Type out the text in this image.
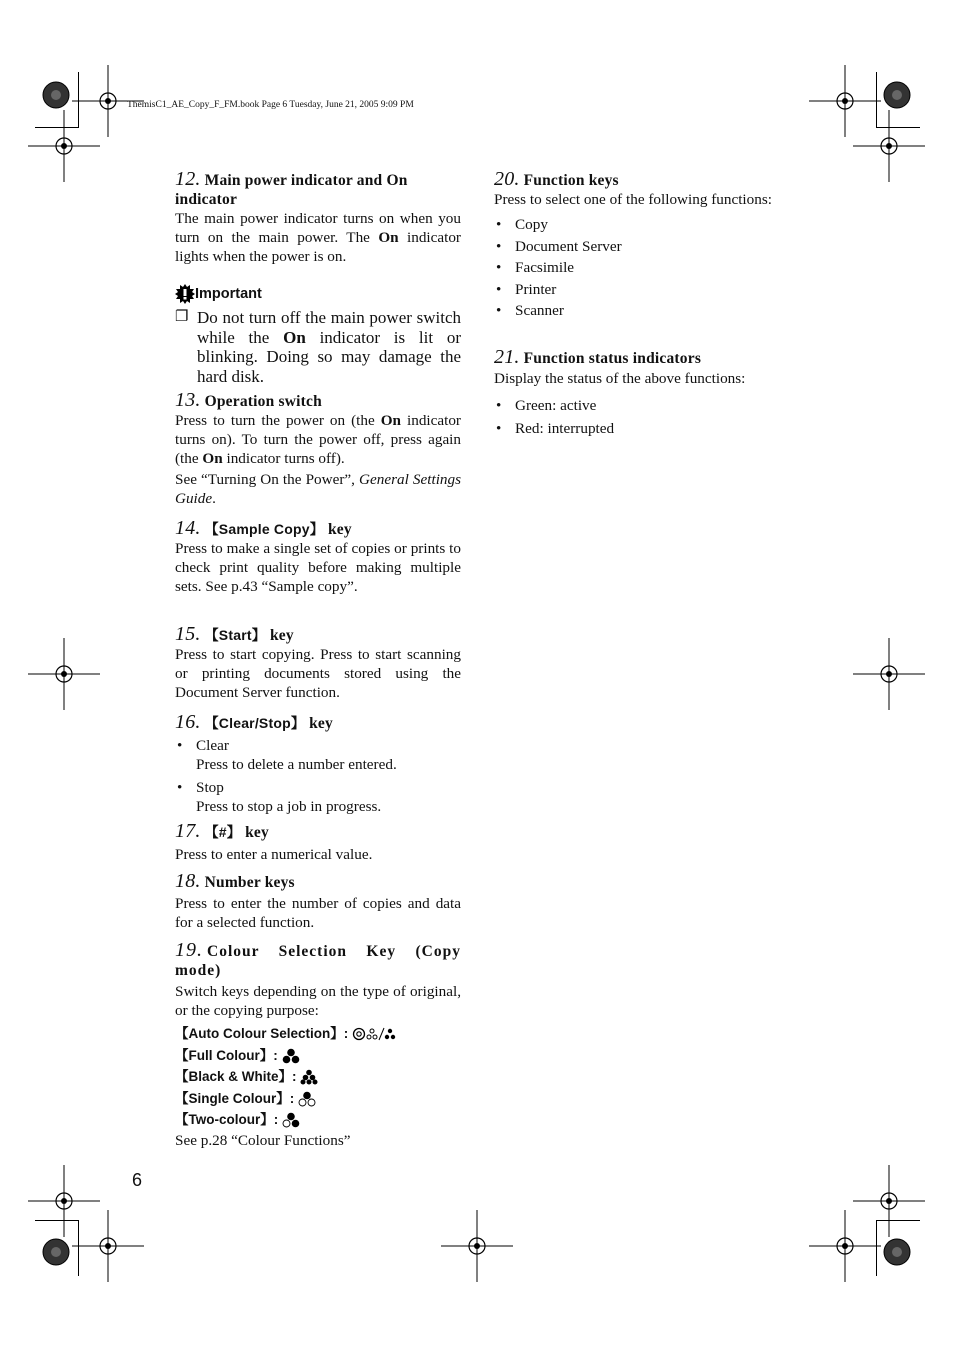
ThemisC1_AE_Copy_F_FM.book Page 6 Tuesday, June 21, 2005 9:09 PM

12. Main power indicator and On indicator

The main power indicator turns on when you turn on the main power. The On indicator lights when the power is on.

Important

❐ Do not turn off the main power switch while the On indicator is lit or blinking. Doing so may damage the hard disk.

13. Operation switch

Press to turn the power on (the On indicator turns on). To turn the power off, press again (the On indicator turns off).

See “Turning On the Power”, General Settings Guide.

14. 【Sample Copy】 key

Press to make a single set of copies or prints to check print quality before making multiple sets. See p.43 “Sample copy”.

15. 【Start】 key

Press to start copying. Press to start scanning or printing documents stored using the Document Server function.

16. 【Clear/Stop】 key

• Clear
Press to delete a number entered.
• Stop
Press to stop a job in progress.

17. 【#】 key

Press to enter a numerical value.

18. Number keys

Press to enter the number of copies and data for a selected function.

19. Colour Selection Key (Copy mode)

Switch keys depending on the type of original, or the copying purpose:

【Auto Colour Selection】:
【Full Colour】:
【Black & White】:
【Single Colour】:
【Two-colour】:

See p.28 “Colour Functions”

6

20. Function keys

Press to select one of the following functions:

• Copy
• Document Server
• Facsimile
• Printer
• Scanner

21. Function status indicators

Display the status of the above functions:

• Green: active
• Red: interrupted
